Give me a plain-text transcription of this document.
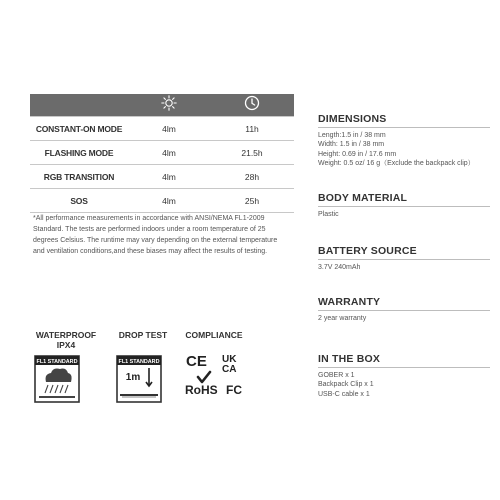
CONSTANT-ON MODE	4lm	11h
FLASHING MODE	4lm	21.5h
RGB TRANSITION	4lm	28h
SOS	4lm	25h
*All performance measurements in accordance with ANSI/NEMA FL1-2009
Standard. The tests are performed indoors under a room temperature of 25
degrees Celsius. The runtime may vary depending on the external temperature
and ventilation conditions,and these biases may affect the results of testing.
WATERPROOF
IPX4
FL1 STANDARD
DROP TEST
FL1 STANDARD
1m
COMPLIANCE
CE UK
CA
RoHS FC
DIMENSIONS
Length:1.5 in / 38 mm
Width: 1.5 in / 38 mm
Height: 0.69 in / 17.6 mm
Weight: 0.5 oz/ 16 g（Exclude the backpack clip）
BODY MATERIAL
Plastic
BATTERY SOURCE
3.7V 240mAh
WARRANTY
2 year warranty
IN THE BOX
GOBER x 1
Backpack Clip x 1
USB-C cable x 1
